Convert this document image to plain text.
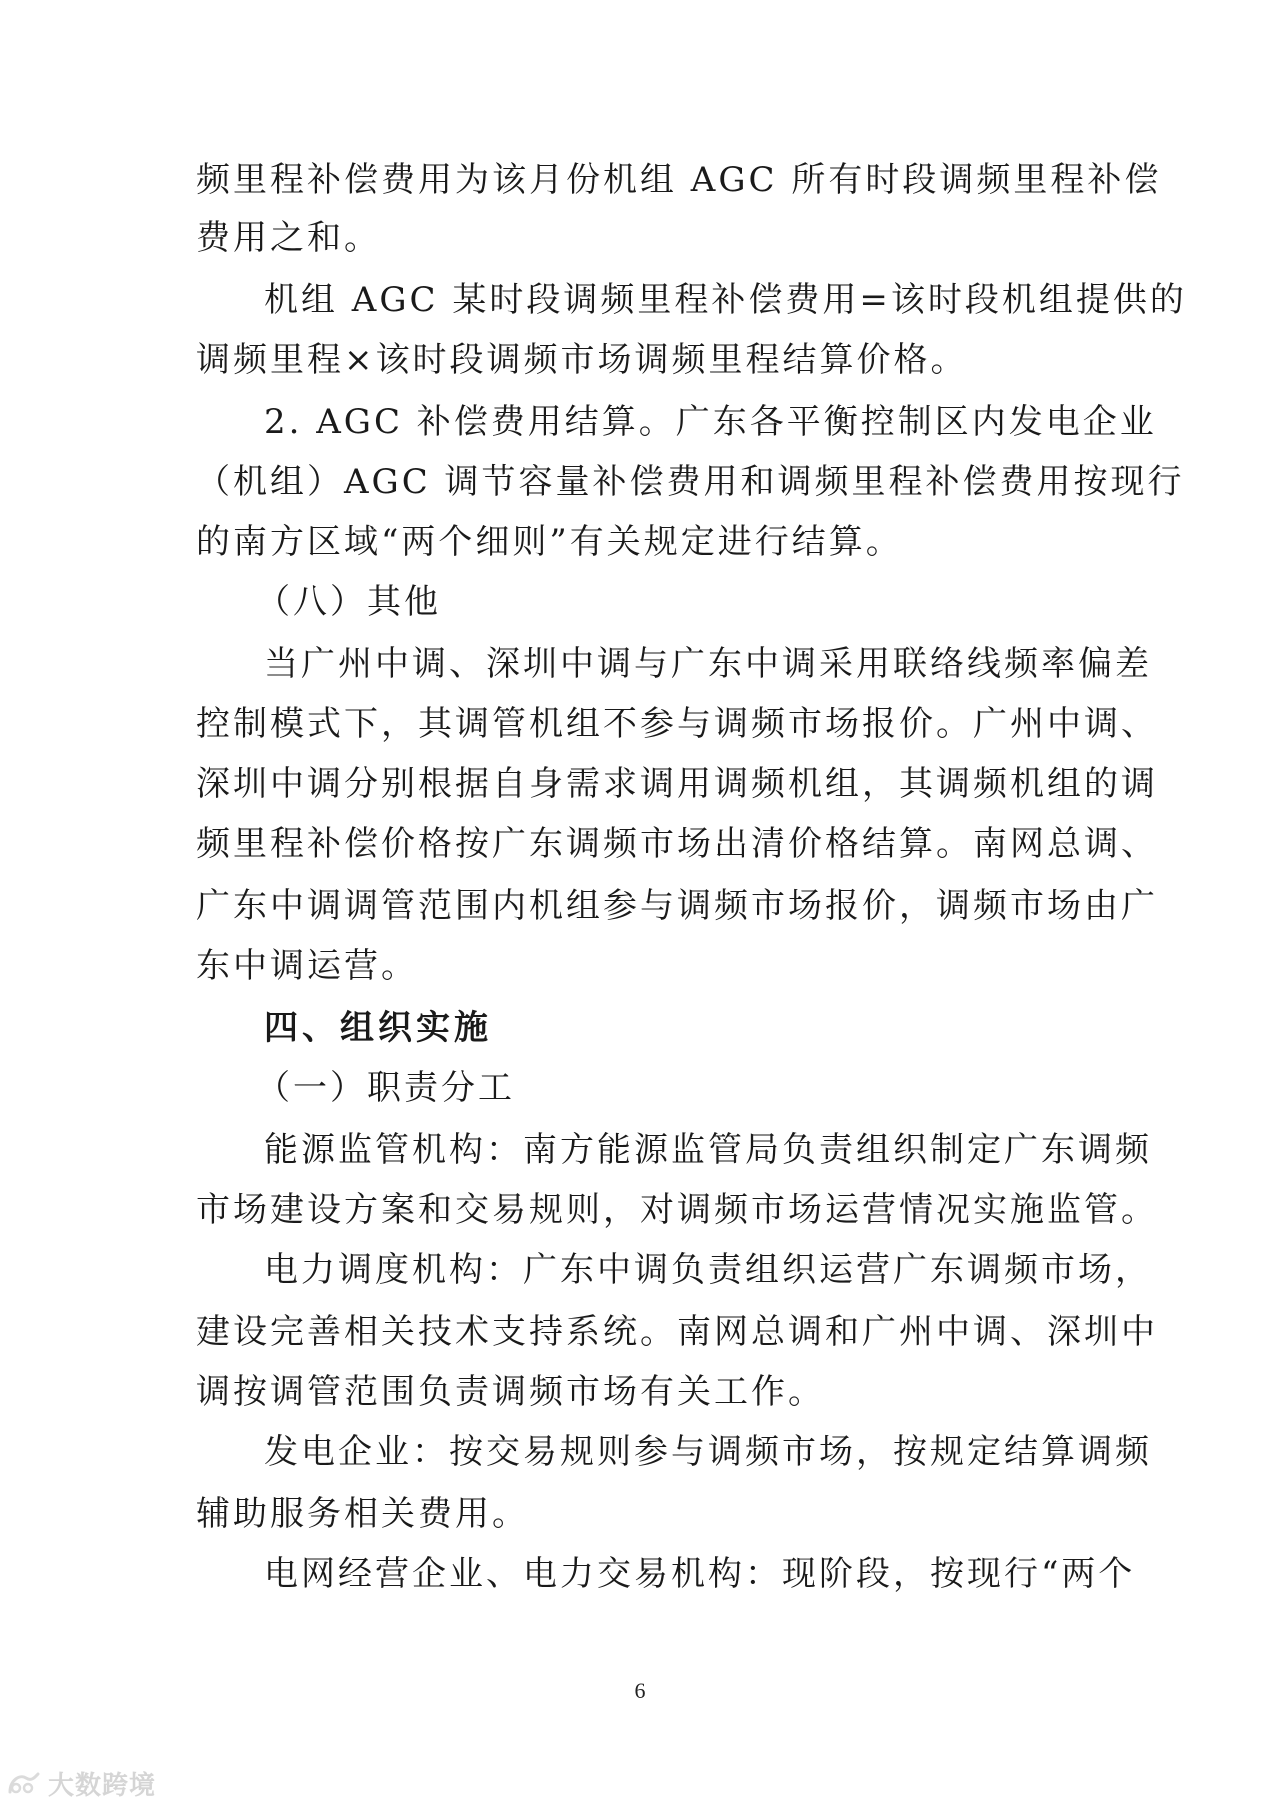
频里程补偿费用为该月份机组 AGC 所有时段调频里程补偿
费用之和。
机组 AGC 某时段调频里程补偿费用=该时段机组提供的
调频里程×该时段调频市场调频里程结算价格。
2. AGC 补偿费用结算。广东各平衡控制区内发电企业
（机组）AGC 调节容量补偿费用和调频里程补偿费用按现行
的南方区域“两个细则”有关规定进行结算。
（八）其他
当广州中调、深圳中调与广东中调采用联络线频率偏差
控制模式下，其调管机组不参与调频市场报价。广州中调、
深圳中调分别根据自身需求调用调频机组，其调频机组的调
频里程补偿价格按广东调频市场出清价格结算。南网总调、
广东中调调管范围内机组参与调频市场报价，调频市场由广
东中调运营。
四、组织实施
（一）职责分工
能源监管机构：南方能源监管局负责组织制定广东调频
市场建设方案和交易规则，对调频市场运营情况实施监管。
电力调度机构：广东中调负责组织运营广东调频市场，
建设完善相关技术支持系统。南网总调和广州中调、深圳中
调按调管范围负责调频市场有关工作。
发电企业：按交易规则参与调频市场，按规定结算调频
辅助服务相关费用。
电网经营企业、电力交易机构：现阶段，按现行“两个
6
大数跨境
